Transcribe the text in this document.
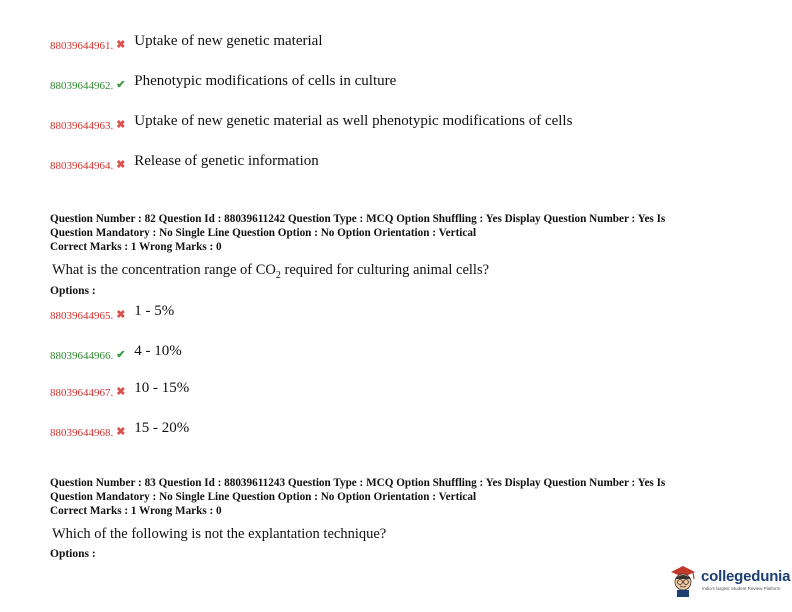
88039644961. ✖ Uptake of new genetic material
88039644962. ✔ Phenotypic modifications of cells in culture
88039644963. ✖ Uptake of new genetic material as well phenotypic modifications of cells
88039644964. ✖ Release of genetic information
Question Number : 82 Question Id : 88039611242 Question Type : MCQ Option Shuffling : Yes Display Question Number : Yes Is
Question Mandatory : No Single Line Question Option : No Option Orientation : Vertical
Correct Marks : 1 Wrong Marks : 0
What is the concentration range of $CO_2$ required for culturing animal cells?
Options :
88039644965. ✖ 1 - 5%
88039644966. ✔ 4 - 10%
88039644967. ✖ 10 - 15%
88039644968. ✖ 15 - 20%
Question Number : 83 Question Id : 88039611243 Question Type : MCQ Option Shuffling : Yes Display Question Number : Yes Is
Question Mandatory : No Single Line Question Option : No Option Orientation : Vertical
Correct Marks : 1 Wrong Marks : 0
Which of the following is not the explantation technique?
Options :
collegedunia
India's largest Student Review Platform
